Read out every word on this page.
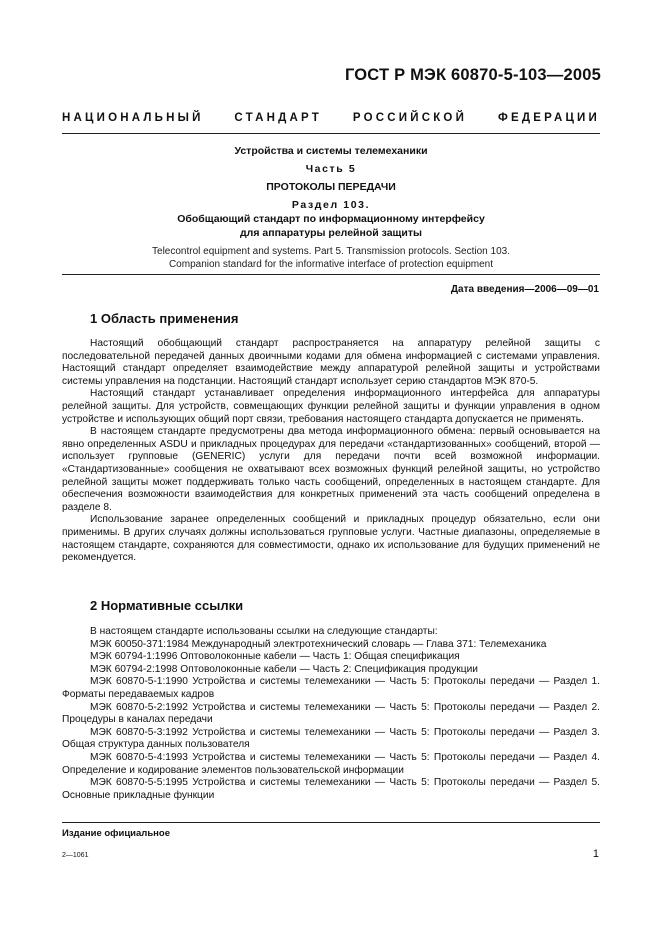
ГОСТ Р МЭК 60870-5-103—2005
НАЦИОНАЛЬНЫЙ СТАНДАРТ РОССИЙСКОЙ ФЕДЕРАЦИИ
Устройства и системы телемеханики
Часть 5
ПРОТОКОЛЫ ПЕРЕДАЧИ
Раздел 103.
Обобщающий стандарт по информационному интерфейсу
для аппаратуры релейной защиты
Telecontrol equipment and systems. Part 5. Transmission protocols. Section 103.
Companion standard for the informative interface of protection equipment
Дата введения—2006—09—01
1 Область применения

Настоящий обобщающий стандарт распространяется на аппаратуру релейной защиты с последовательной передачей данных двоичными кодами для обмена информацией с системами управления. Настоящий стандарт определяет взаимодействие между аппаратурой релейной защиты и устройствами системы управления на подстанции. Настоящий стандарт использует серию стандартов МЭК 870-5.

Настоящий стандарт устанавливает определения информационного интерфейса для аппаратуры релейной защиты. Для устройств, совмещающих функции релейной защиты и функции управления в одном устройстве и использующих общий порт связи, требования настоящего стандарта допускается не применять.

В настоящем стандарте предусмотрены два метода информационного обмена: первый основывается на явно определенных ASDU и прикладных процедурах для передачи «стандартизованных» сообщений, второй — использует групповые (GENERIC) услуги для передачи почти всей возможной информации. «Стандартизованные» сообщения не охватывают всех возможных функций релейной защиты, но устройство релейной защиты может поддерживать только часть сообщений, определенных в настоящем стандарте. Для обеспечения возможности взаимодействия для конкретных применений эта часть сообщений определена в разделе 8.

Использование заранее определенных сообщений и прикладных процедур обязательно, если они применимы. В других случаях должны использоваться групповые услуги. Частные диапазоны, определяемые в настоящем стандарте, сохраняются для совместимости, однако их использование для будущих применений не рекомендуется.

2 Нормативные ссылки

В настоящем стандарте использованы ссылки на следующие стандарты:

МЭК 60050-371:1984 Международный электротехнический словарь — Глава 371: Телемеханика

МЭК 60794-1:1996 Оптоволоконные кабели — Часть 1: Общая спецификация

МЭК 60794-2:1998 Оптоволоконные кабели — Часть 2: Спецификация продукции

МЭК 60870-5-1:1990 Устройства и системы телемеханики — Часть 5: Протоколы передачи — Раздел 1. Форматы передаваемых кадров

МЭК 60870-5-2:1992 Устройства и системы телемеханики — Часть 5: Протоколы передачи — Раздел 2. Процедуры в каналах передачи

МЭК 60870-5-3:1992 Устройства и системы телемеханики — Часть 5: Протоколы передачи — Раздел 3. Общая структура данных пользователя

МЭК 60870-5-4:1993 Устройства и системы телемеханики — Часть 5: Протоколы передачи — Раздел 4. Определение и кодирование элементов пользовательской информации

МЭК 60870-5-5:1995 Устройства и системы телемеханики — Часть 5: Протоколы передачи — Раздел 5. Основные прикладные функции

Издание официальное
2—1061	1
